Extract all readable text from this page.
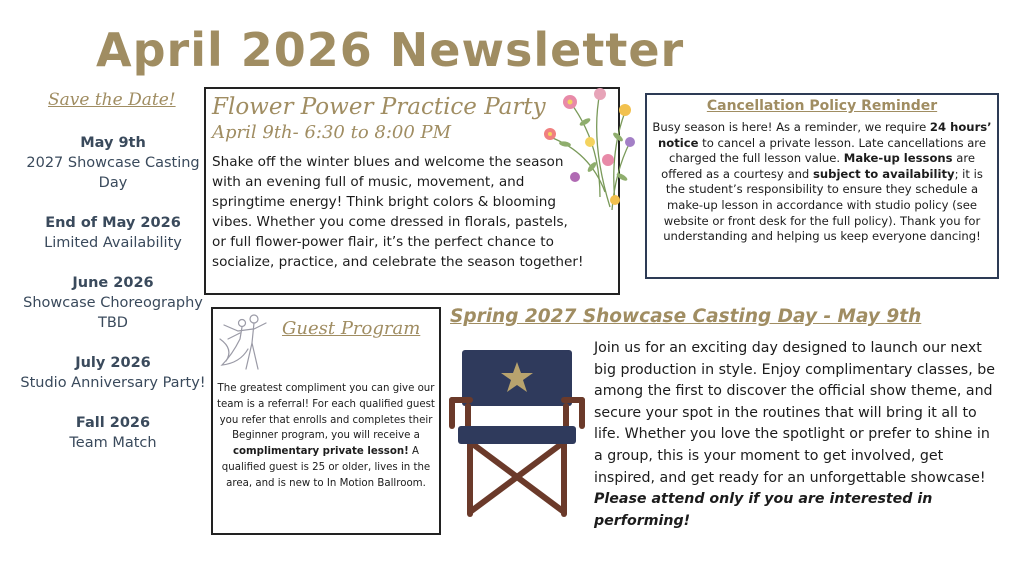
April 2026 Newsletter
Save the Date!
May 9th
2027 Showcase Casting Day
End of May 2026
Limited Availability
June 2026
Showcase Choreography TBD
July 2026
Studio Anniversary Party!
Fall 2026
Team Match
Flower Power Practice Party
April 9th- 6:30 to 8:00 PM
Shake off the winter blues and welcome the season with an evening full of music, movement, and springtime energy! Think bright colors & blooming vibes. Whether you come dressed in florals, pastels, or full flower-power flair, it’s the perfect chance to socialize, practice, and celebrate the season together!
Cancellation Policy Reminder
Busy season is here! As a reminder, we require 24 hours’ notice to cancel a private lesson. Late cancellations are charged the full lesson value. Make-up lessons are offered as a courtesy and subject to availability; it is the student’s responsibility to ensure they schedule a make-up lesson in accordance with studio policy (see website or front desk for the full policy). Thank you for understanding and helping us keep everyone dancing!
Guest Program
The greatest compliment you can give our team is a referral! For each qualified guest you refer that enrolls and completes their Beginner program, you will receive a complimentary private lesson! A qualified guest is 25 or older, lives in the area, and is new to In Motion Ballroom.
Spring 2027 Showcase Casting Day - May 9th
Join us for an exciting day designed to launch our next big production in style. Enjoy complimentary classes, be among the first to discover the official show theme, and secure your spot in the routines that will bring it all to life. Whether you love the spotlight or prefer to shine in a group, this is your moment to get involved, get inspired, and get ready for an unforgettable showcase! Please attend only if you are interested in performing!
